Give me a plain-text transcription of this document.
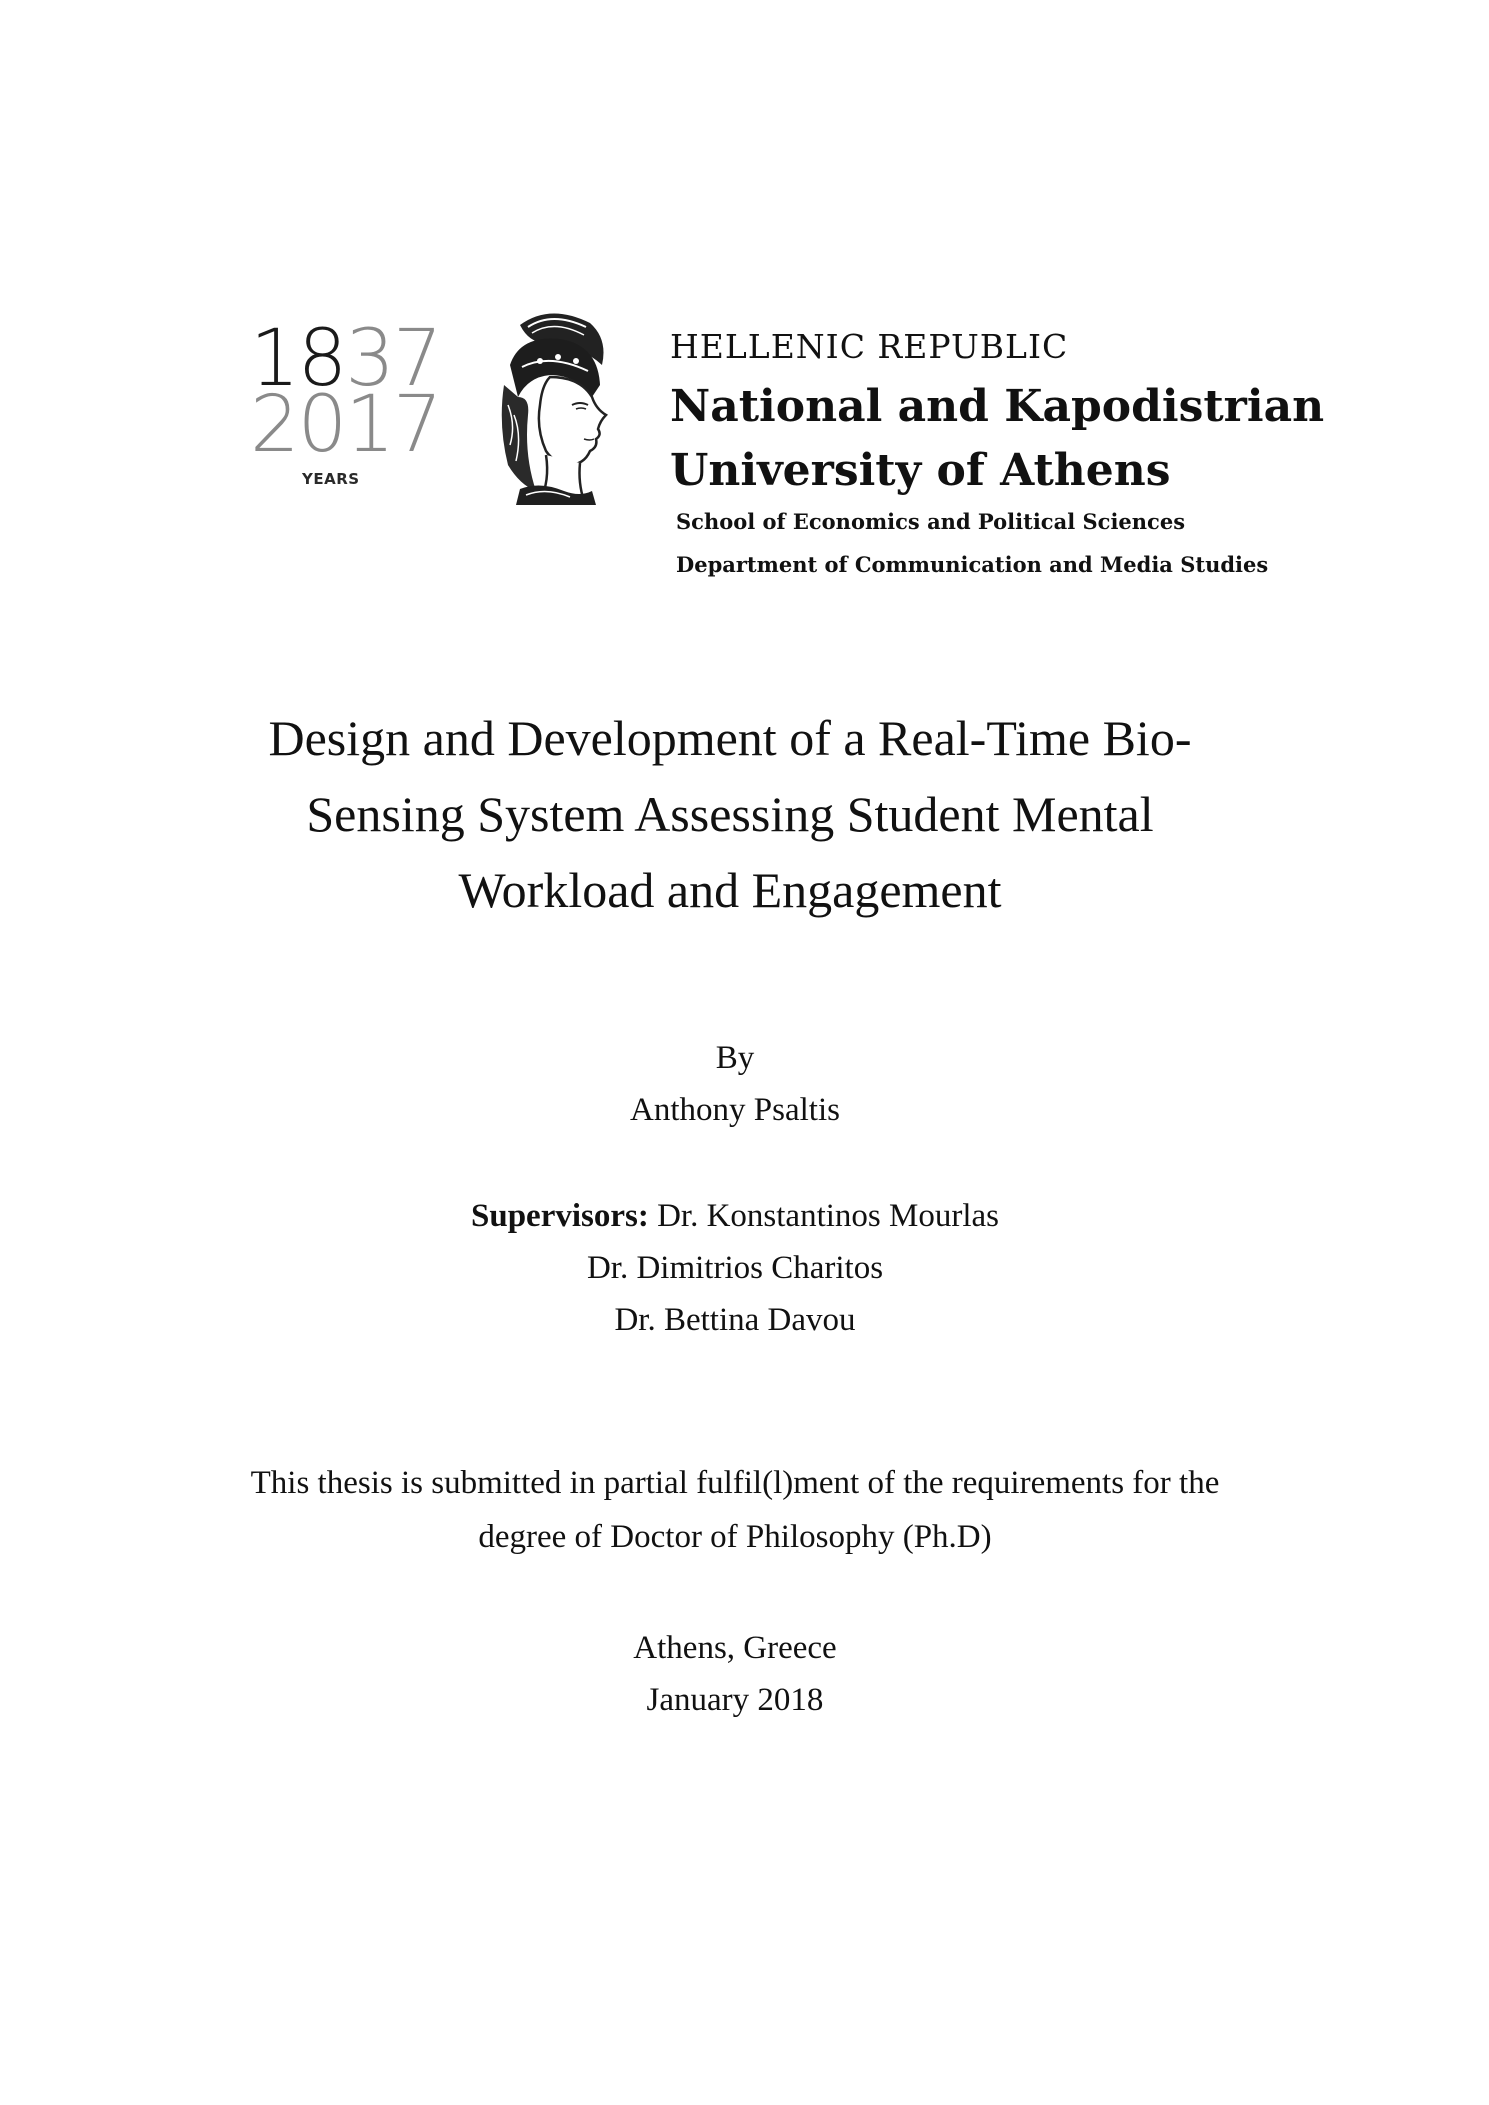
1837
2017
YEARS

HELLENIC REPUBLIC

National and Kapodistrian

University of Athens

School of Economics and Political Sciences

Department of Communication and Media Studies

Design and Development of a Real-Time Bio-
Sensing System Assessing Student Mental
Workload and Engagement
By
Anthony Psaltis
Supervisors: Dr. Konstantinos Mourlas
Dr. Dimitrios Charitos
Dr. Bettina Davou
This thesis is submitted in partial fulfil(l)ment of the requirements for the
degree of Doctor of Philosophy (Ph.D)
Athens, Greece
January 2018
